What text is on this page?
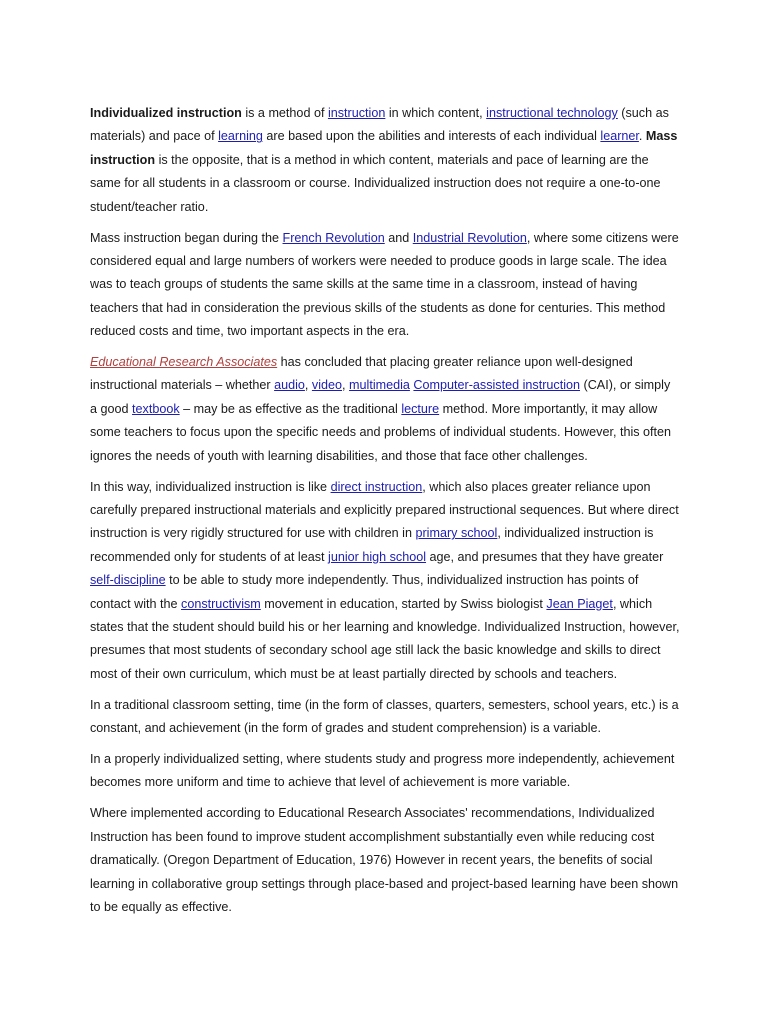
Individualized instruction is a method of instruction in which content, instructional technology (such as materials) and pace of learning are based upon the abilities and interests of each individual learner. Mass instruction is the opposite, that is a method in which content, materials and pace of learning are the same for all students in a classroom or course. Individualized instruction does not require a one-to-one student/teacher ratio.

Mass instruction began during the French Revolution and Industrial Revolution, where some citizens were considered equal and large numbers of workers were needed to produce goods in large scale. The idea was to teach groups of students the same skills at the same time in a classroom, instead of having teachers that had in consideration the previous skills of the students as done for centuries. This method reduced costs and time, two important aspects in the era.

Educational Research Associates has concluded that placing greater reliance upon well-designed instructional materials – whether audio, video, multimedia Computer-assisted instruction (CAI), or simply a good textbook – may be as effective as the traditional lecture method. More importantly, it may allow some teachers to focus upon the specific needs and problems of individual students. However, this often ignores the needs of youth with learning disabilities, and those that face other challenges.

In this way, individualized instruction is like direct instruction, which also places greater reliance upon carefully prepared instructional materials and explicitly prepared instructional sequences. But where direct instruction is very rigidly structured for use with children in primary school, individualized instruction is recommended only for students of at least junior high school age, and presumes that they have greater self-discipline to be able to study more independently. Thus, individualized instruction has points of contact with the constructivism movement in education, started by Swiss biologist Jean Piaget, which states that the student should build his or her learning and knowledge. Individualized Instruction, however, presumes that most students of secondary school age still lack the basic knowledge and skills to direct most of their own curriculum, which must be at least partially directed by schools and teachers.

In a traditional classroom setting, time (in the form of classes, quarters, semesters, school years, etc.) is a constant, and achievement (in the form of grades and student comprehension) is a variable.

In a properly individualized setting, where students study and progress more independently, achievement becomes more uniform and time to achieve that level of achievement is more variable.

Where implemented according to Educational Research Associates' recommendations, Individualized Instruction has been found to improve student accomplishment substantially even while reducing cost dramatically. (Oregon Department of Education, 1976) However in recent years, the benefits of social learning in collaborative group settings through place-based and project-based learning have been shown to be equally as effective.
